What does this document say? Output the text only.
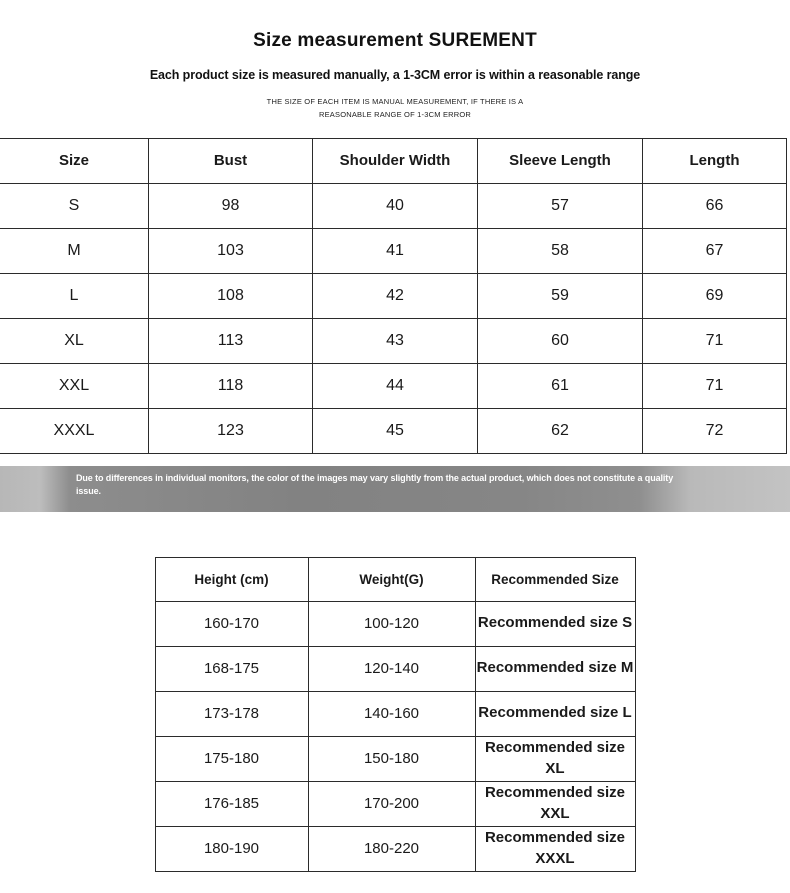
Size measurement SUREMENT
Each product size is measured manually, a 1-3CM error is within a reasonable range
THE SIZE OF EACH ITEM IS MANUAL MEASUREMENT, IF THERE IS A
REASONABLE RANGE OF 1-3CM ERROR
Size	Bust	Shoulder Width	Sleeve Length	Length
S	98	40	57	66
M	103	41	58	67
L	108	42	59	69
XL	113	43	60	71
XXL	118	44	61	71
XXXL	123	45	62	72
Due to differences in individual monitors, the color of the images may vary slightly from the actual product, which does not constitute a quality issue.
Height (cm)	Weight(G)	Recommended Size
160-170	100-120	Recommended size S
168-175	120-140	Recommended size M
173-178	140-160	Recommended size L
175-180	150-180	Recommended size XL
176-185	170-200	Recommended size XXL
180-190	180-220	Recommended size XXXL
